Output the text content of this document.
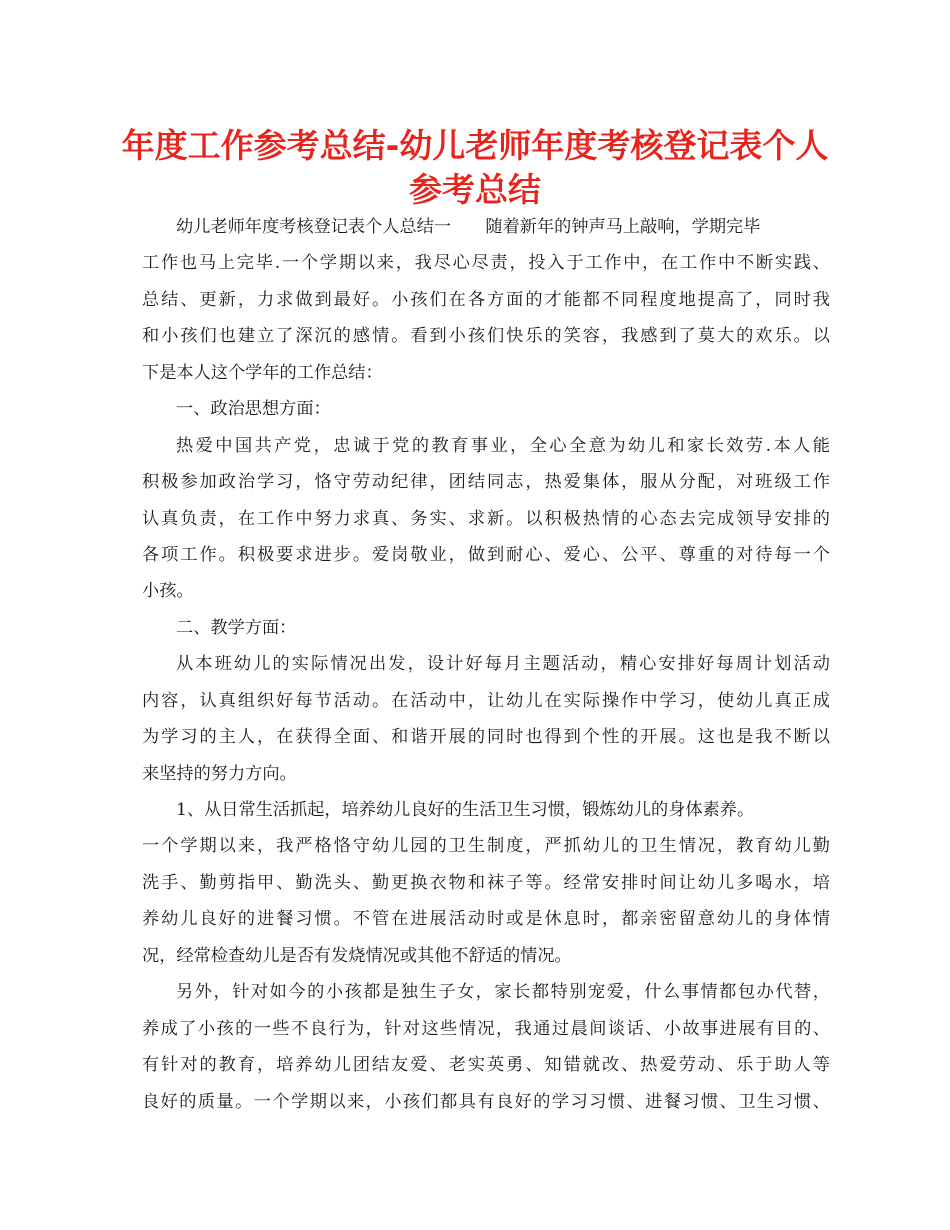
年度工作参考总结-幼儿老师年度考核登记表个人
参考总结
幼儿老师年度考核登记表个人总结一　　随着新年的钟声马上敲响，学期完毕
工作也马上完毕.一个学期以来，我尽心尽责，投入于工作中，在工作中不断实践、
总结、更新，力求做到最好。小孩们在各方面的才能都不同程度地提高了，同时我
和小孩们也建立了深沉的感情。看到小孩们快乐的笑容，我感到了莫大的欢乐。以
下是本人这个学年的工作总结：
一、政治思想方面：
热爱中国共产党，忠诚于党的教育事业，全心全意为幼儿和家长效劳.本人能
积极参加政治学习，恪守劳动纪律，团结同志，热爱集体，服从分配，对班级工作
认真负责，在工作中努力求真、务实、求新。以积极热情的心态去完成领导安排的
各项工作。积极要求进步。爱岗敬业，做到耐心、爱心、公平、尊重的对待每一个
小孩。
二、教学方面：
从本班幼儿的实际情况出发，设计好每月主题活动，精心安排好每周计划活动
内容，认真组织好每节活动。在活动中，让幼儿在实际操作中学习，使幼儿真正成
为学习的主人，在获得全面、和谐开展的同时也得到个性的开展。这也是我不断以
来坚持的努力方向。
1、从日常生活抓起，培养幼儿良好的生活卫生习惯，锻炼幼儿的身体素养。
一个学期以来，我严格恪守幼儿园的卫生制度，严抓幼儿的卫生情况，教育幼儿勤
洗手、勤剪指甲、勤洗头、勤更换衣物和袜子等。经常安排时间让幼儿多喝水，培
养幼儿良好的进餐习惯。不管在进展活动时或是休息时，都亲密留意幼儿的身体情
况，经常检查幼儿是否有发烧情况或其他不舒适的情况。
另外，针对如今的小孩都是独生子女，家长都特别宠爱，什么事情都包办代替，
养成了小孩的一些不良行为，针对这些情况，我通过晨间谈话、小故事进展有目的、
有针对的教育，培养幼儿团结友爱、老实英勇、知错就改、热爱劳动、乐于助人等
良好的质量。一个学期以来，小孩们都具有良好的学习习惯、进餐习惯、卫生习惯、
